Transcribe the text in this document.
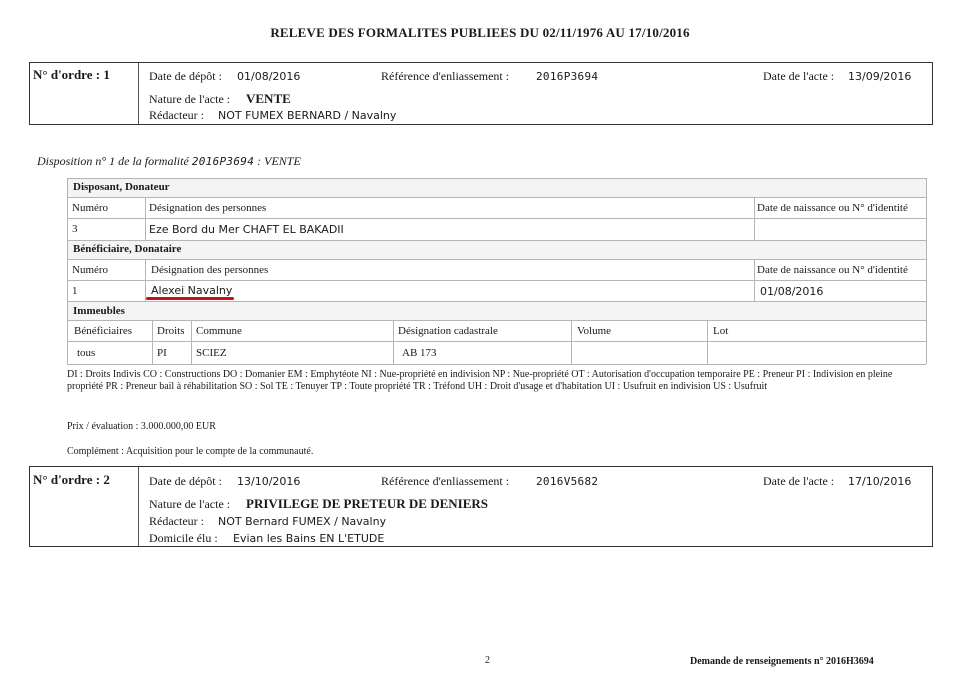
RELEVE DES FORMALITES PUBLIEES DU 02/11/1976 AU 17/10/2016
N° d'ordre : 1	Date de dépôt : 01/08/2016	Référence d'enliassement : 2016P3694	Date de l'acte : 13/09/2016
Nature de l'acte : VENTE
Rédacteur : NOT FUMEX BERNARD / Navalny
Disposition n° 1 de la formalité 2016P3694 : VENTE
Disposant, Donateur
Numéro	Désignation des personnes	Date de naissance ou N° d'identité
3	Eze Bord du Mer CHAFT EL BAKADII
Bénéficiaire, Donataire
Numéro	Désignation des personnes	Date de naissance ou N° d'identité
1	Alexei Navalny	01/08/2016
Immeubles
Bénéficiaires Droits Commune	Désignation cadastrale	Volume	Lot
tous	PI	SCIEZ	AB 173
DI : Droits Indivis CO : Constructions DO : Domanier EM : Emphytéote NI : Nue-propriété en indivision NP : Nue-propriété OT : Autorisation d'occupation temporaire PE : Preneur PI : Indivision en pleine propriété PR : Preneur bail à réhabilitation SO : Sol TE : Tenuyer TP : Toute propriété TR : Tréfond UH : Droit d'usage et d'habitation UI : Usufruit en indivision US : Usufruit
Prix / évaluation : 3.000.000,00 EUR
Complément : Acquisition pour le compte de la communauté.
N° d'ordre : 2	Date de dépôt : 13/10/2016	Référence d'enliassement : 2016V5682	Date de l'acte : 17/10/2016
Nature de l'acte : PRIVILEGE DE PRETEUR DE DENIERS
Rédacteur : NOT Bernard FUMEX / Navalny
Domicile élu : Evian les Bains EN L'ETUDE
2	Demande de renseignements n° 2016H3694
